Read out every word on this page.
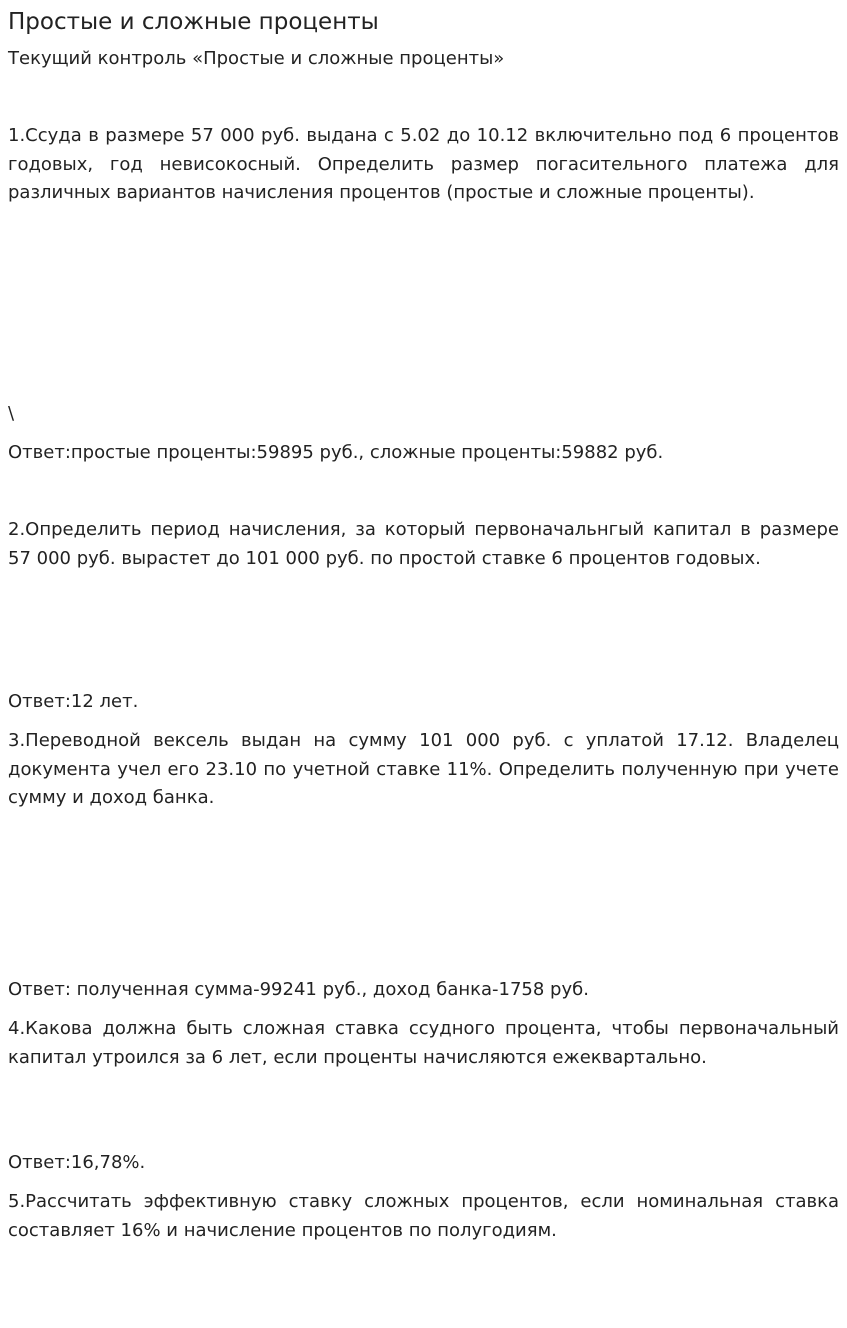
Простые и сложные проценты

Текущий контроль «Простые и сложные проценты»

1.Ссуда в размере 57 000 руб. выдана с 5.02 до 10.12 включительно под 6 процентов годовых, год невисокосный. Определить размер погасительного платежа для различных вариантов начисления процентов (простые и сложные проценты).

\

Ответ:простые проценты:59895 руб., сложные проценты:59882 руб.

2.Определить период начисления, за который первоначальнгый капитал в размере 57 000 руб. вырастет до 101 000 руб. по простой ставке 6 процентов годовых.

Ответ:12 лет.

3.Переводной вексель выдан на сумму 101 000 руб. с уплатой 17.12. Владелец документа учел его 23.10 по учетной ставке 11%. Определить полученную при учете сумму и доход банка.

Ответ: полученная сумма-99241 руб., доход банка-1758 руб.

4.Какова должна быть сложная ставка ссудного процента, чтобы первоначальный капитал утроился за 6 лет, если проценты начисляются ежеквартально.

Ответ:16,78%.

5.Рассчитать эффективную ставку сложных процентов, если номинальная ставка составляет 16% и начисление процентов по полугодиям.
